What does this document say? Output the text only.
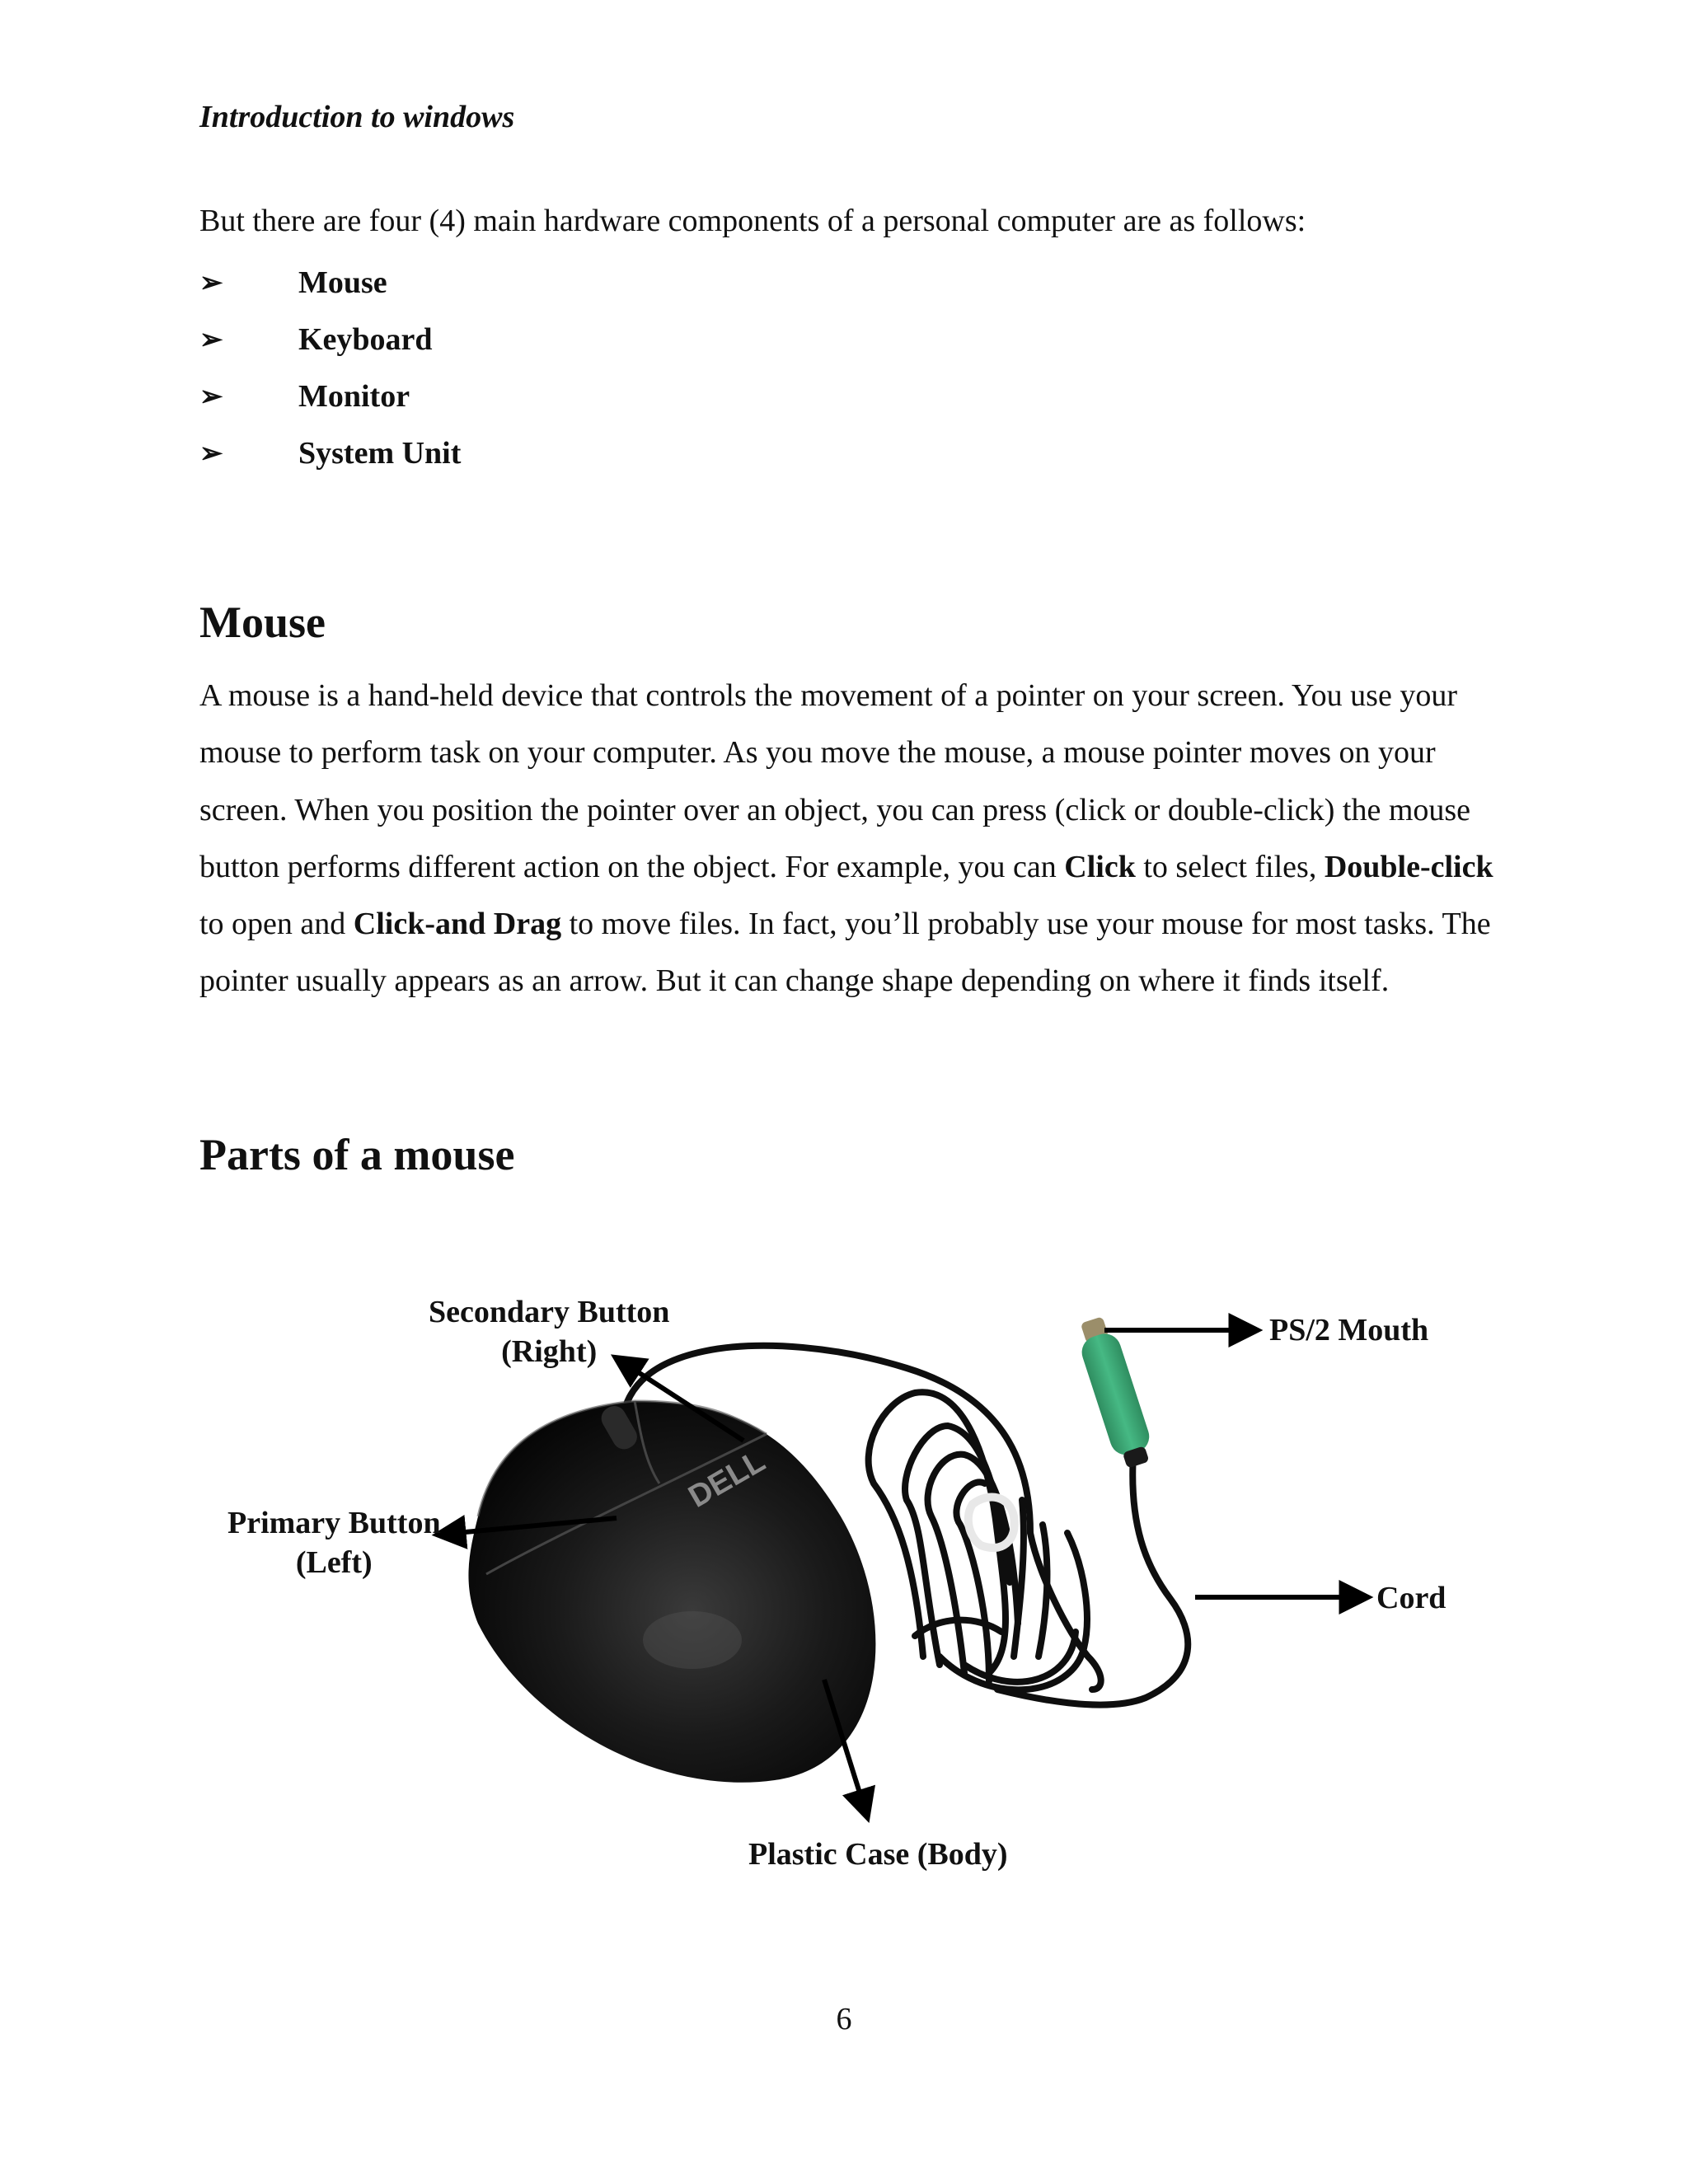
Introduction to windows
But there are four (4) main hardware components of a personal computer are as follows:
➢	Mouse
➢	Keyboard
➢	Monitor
➢	System Unit
Mouse

A mouse is a hand-held device that controls the movement of a pointer on your screen. You use your mouse to perform task on your computer. As you move the mouse, a mouse pointer moves on your screen. When you position the pointer over an object, you can press (click or double-click) the mouse button performs different action on the object. For example, you can Click to select files, Double-click to open and Click-and Drag to move files. In fact, you’ll probably use your mouse for most tasks. The pointer usually appears as an arrow. But it can change shape depending on where it finds itself.

Parts of a mouse
DELL
Secondary Button
(Right)
Primary Button
(Left)
PS/2 Mouth
Cord
Plastic Case (Body)
6
